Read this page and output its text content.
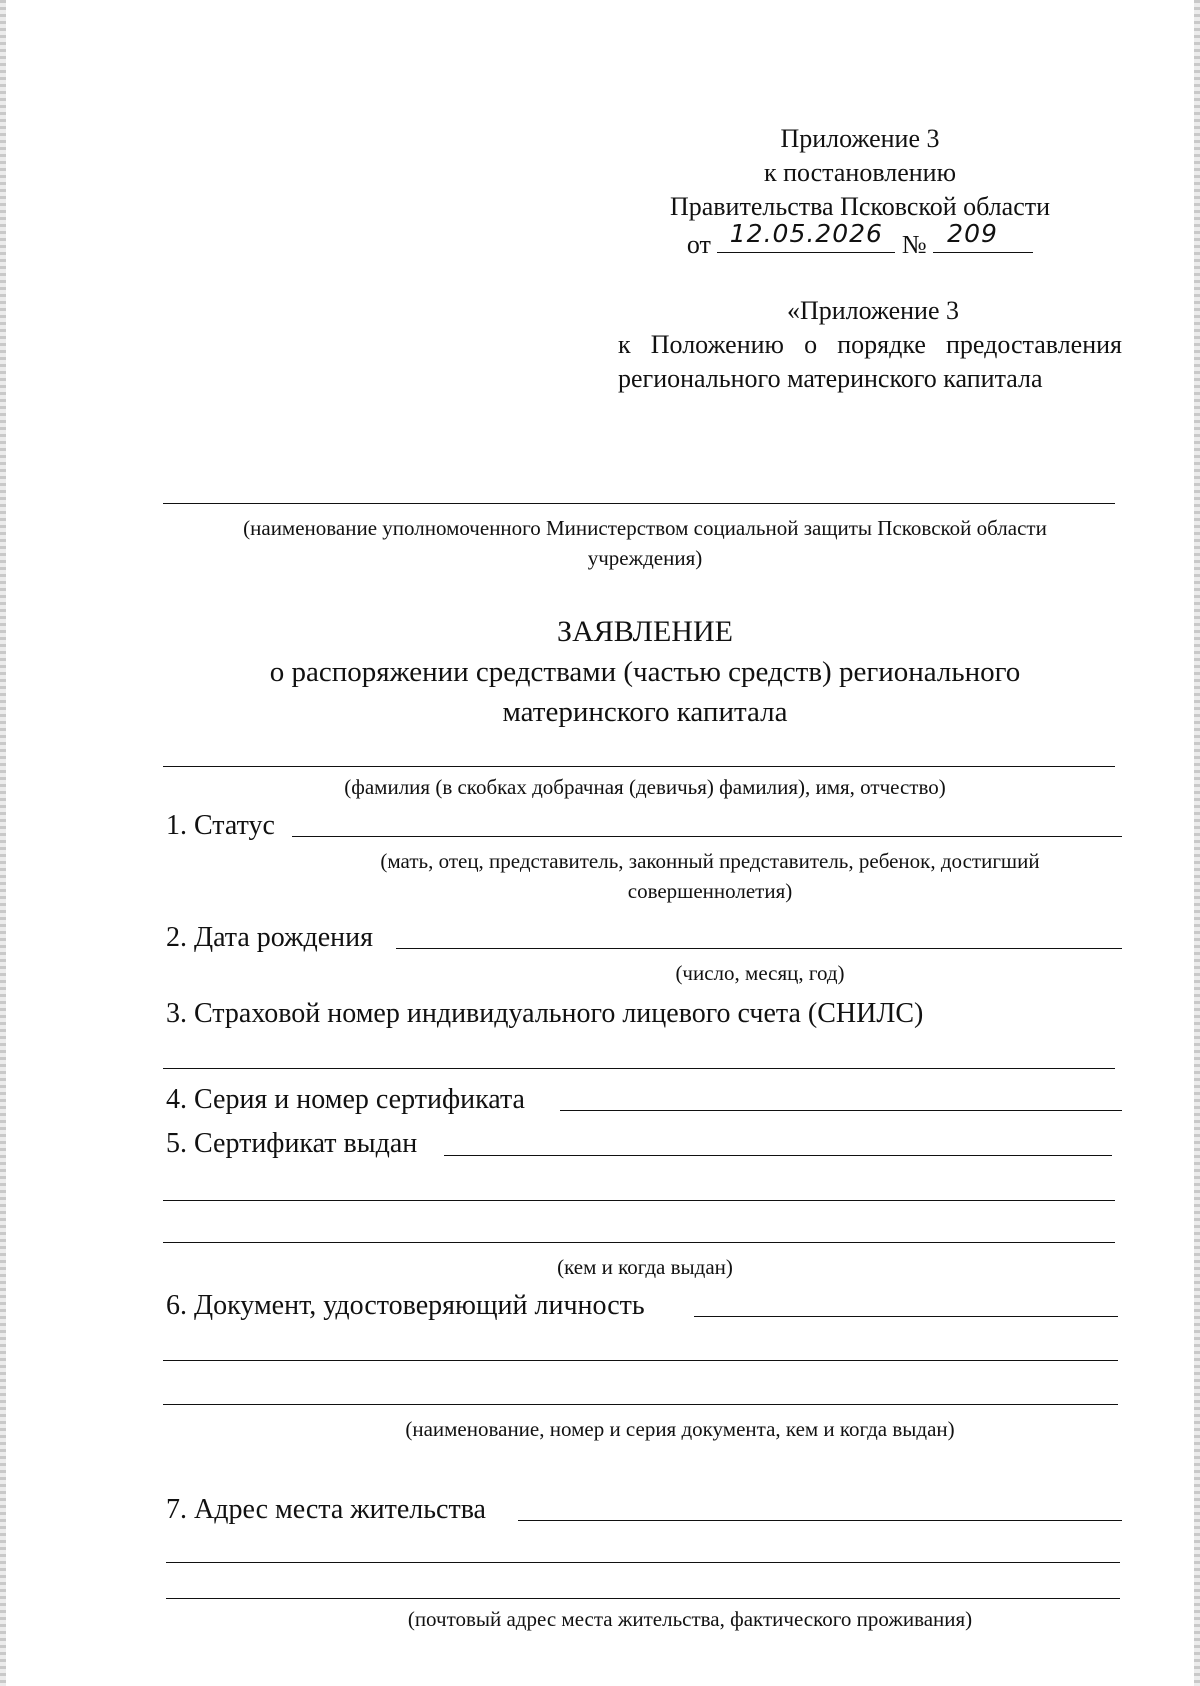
Приложение 3
к постановлению
Правительства Псковской области
от 12.05.2026 № 209
«Приложение 3
к Положению о порядке предоставления
регионального материнского капитала
(наименование уполномоченного Министерством социальной защиты Псковской области
учреждения)
ЗАЯВЛЕНИЕ
о распоряжении средствами (частью средств) регионального
материнского капитала
(фамилия (в скобках добрачная (девичья) фамилия), имя, отчество)
1. Статус
(мать, отец, представитель, законный представитель, ребенок, достигший
совершеннолетия)
2. Дата рождения
(число, месяц, год)
3. Страховой номер индивидуального лицевого счета (СНИЛС)
4. Серия и номер сертификата
5. Сертификат выдан
(кем и когда выдан)
6. Документ, удостоверяющий личность
(наименование, номер и серия документа, кем и когда выдан)
7. Адрес места жительства
(почтовый адрес места жительства, фактического проживания)
